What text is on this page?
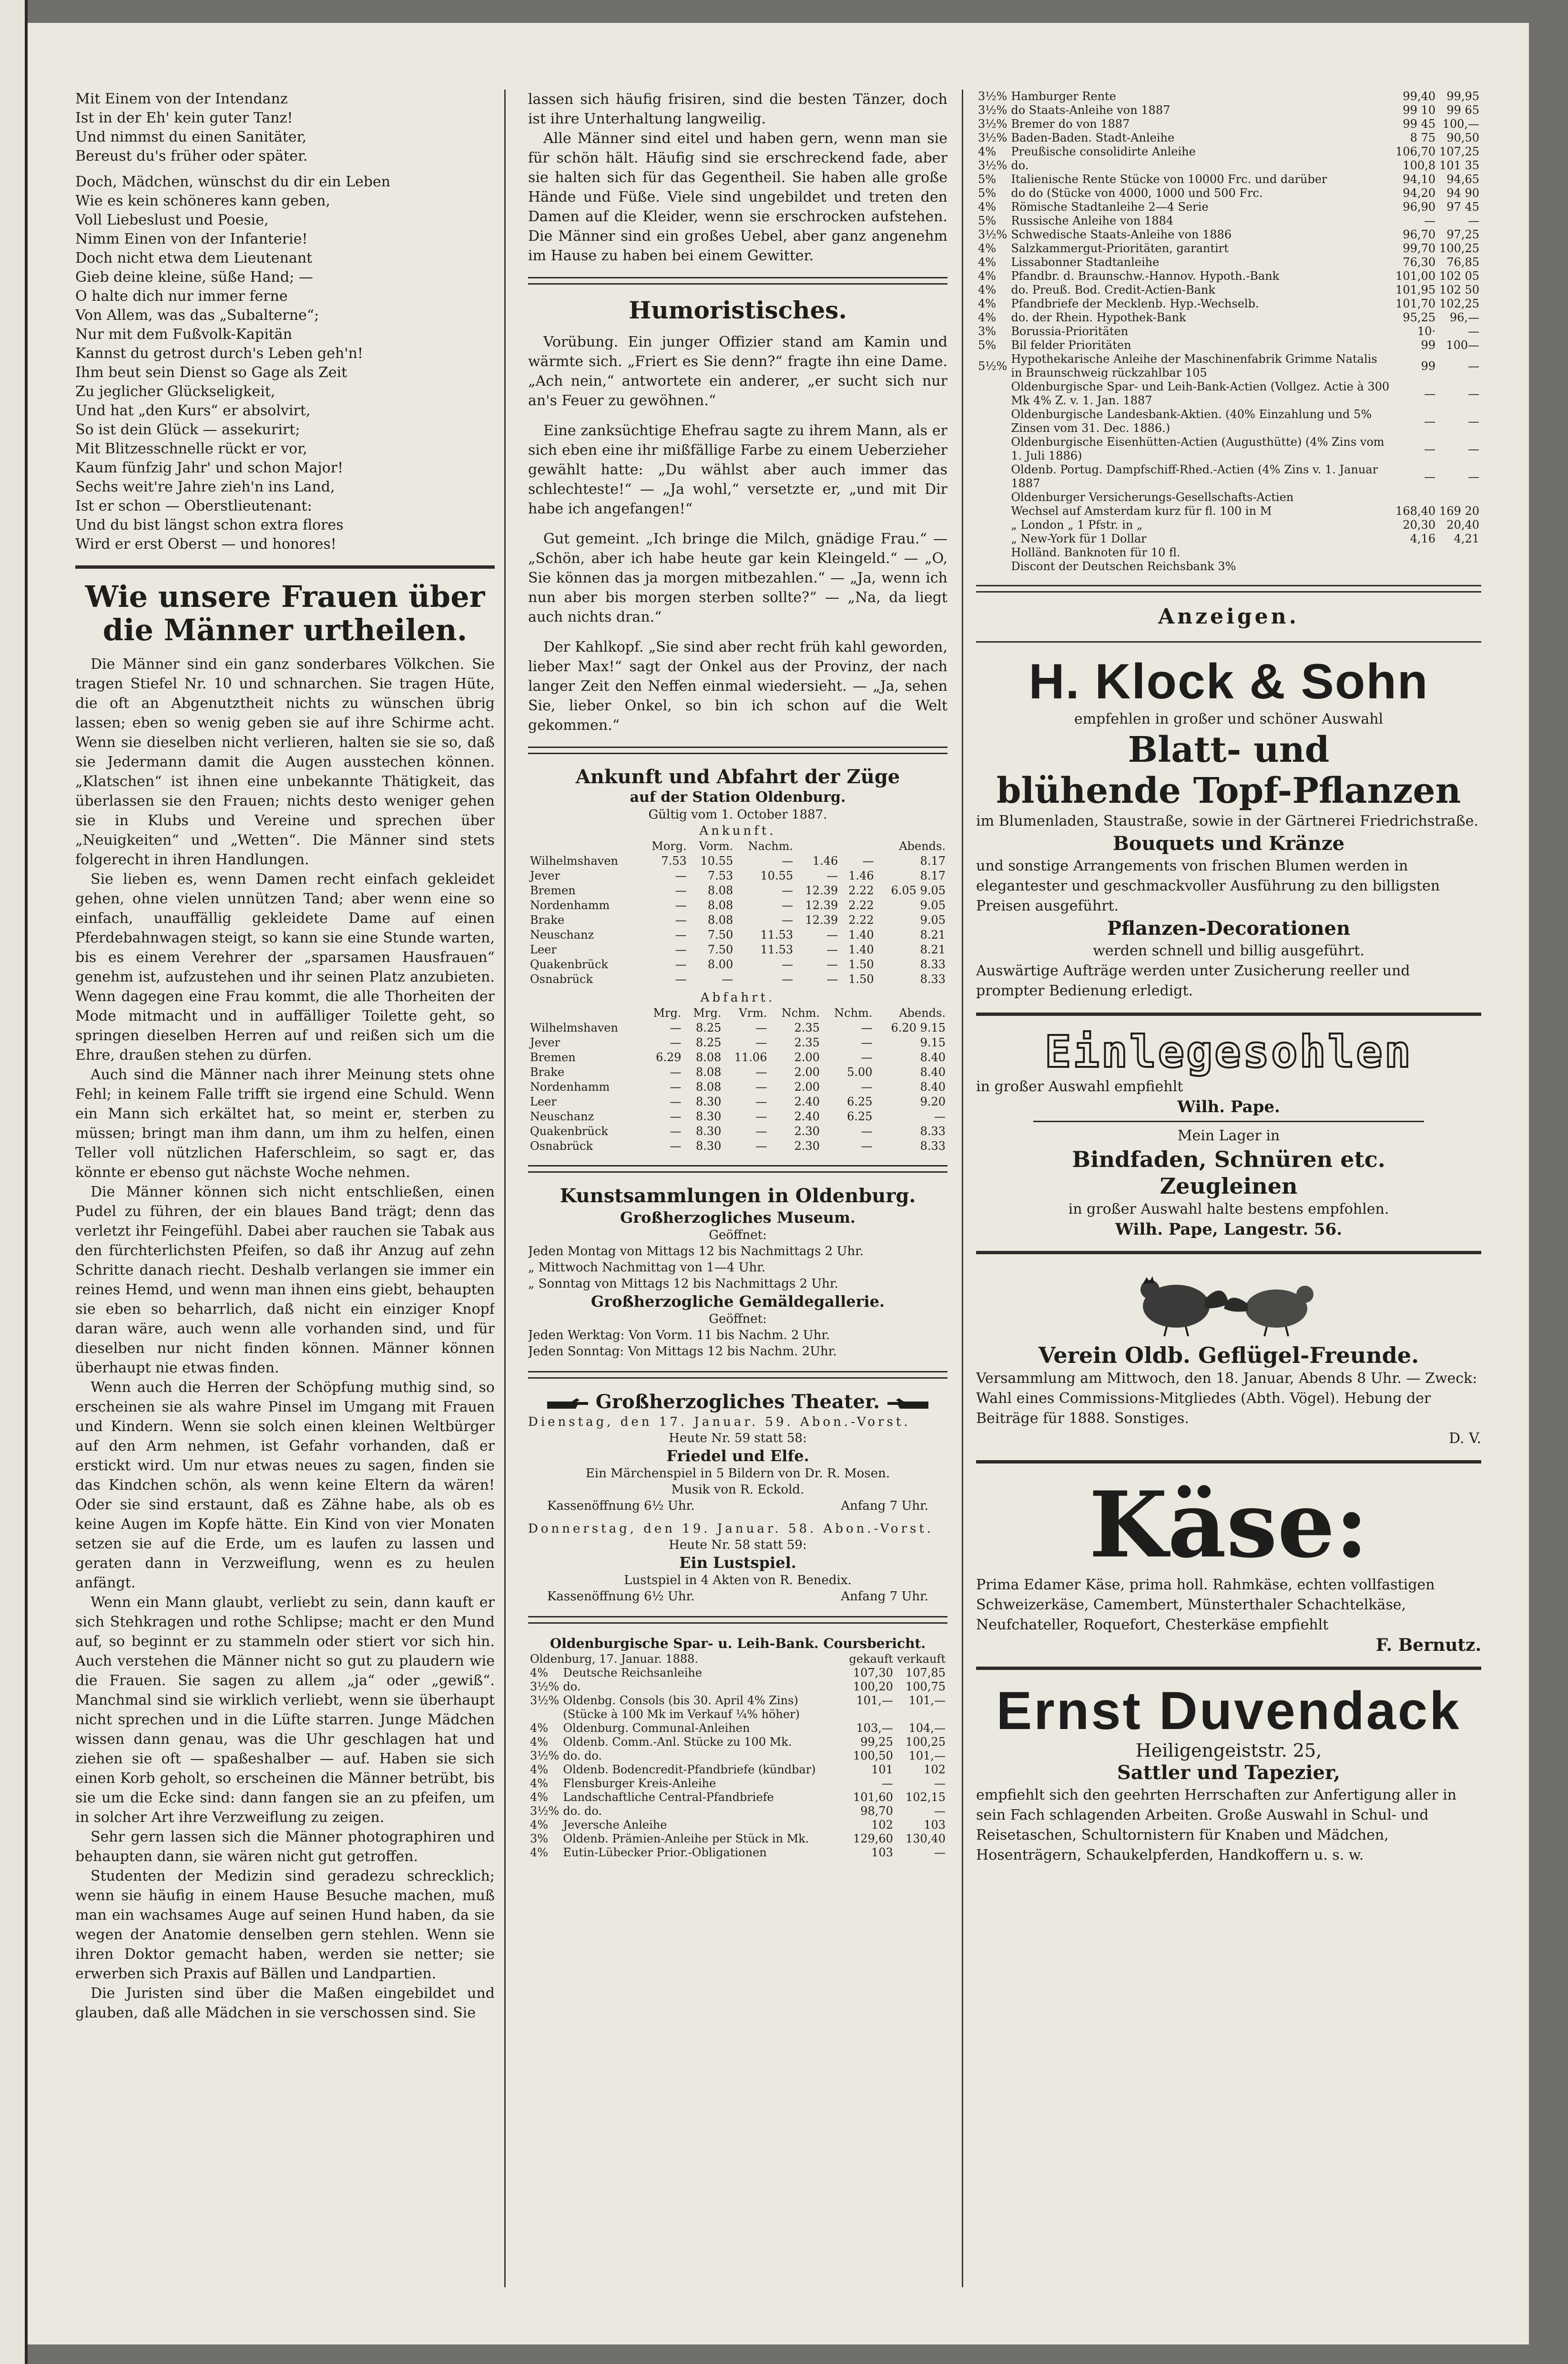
Mit Einem von der Intendanz

Ist in der Eh' kein guter Tanz!

Und nimmst du einen Sanitäter,

Bereust du's früher oder später.

Doch, Mädchen, wünschst du dir ein Leben

Wie es kein schöneres kann geben,

Voll Liebeslust und Poesie,

Nimm Einen von der Infanterie!

Doch nicht etwa dem Lieutenant

Gieb deine kleine, süße Hand; —

O halte dich nur immer ferne

Von Allem, was das „Subalterne“;

Nur mit dem Fußvolk-Kapitän

Kannst du getrost durch's Leben geh'n!

Ihm beut sein Dienst so Gage als Zeit

Zu jeglicher Glückseligkeit,

Und hat „den Kurs“ er absolvirt,

So ist dein Glück — assekurirt;

Mit Blitzesschnelle rückt er vor,

Kaum fünfzig Jahr' und schon Major!

Sechs weit're Jahre zieh'n ins Land,

Ist er schon — Oberstlieutenant:

Und du bist längst schon extra flores

Wird er erst Oberst — und honores!

Wie unsere Frauen über die Männer urtheilen.

Die Männer sind ein ganz sonderbares Völkchen. Sie tragen Stiefel Nr. 10 und schnarchen. Sie tragen Hüte, die oft an Abgenutztheit nichts zu wünschen übrig lassen; eben so wenig geben sie auf ihre Schirme acht. Wenn sie dieselben nicht verlieren, halten sie sie so, daß sie Jedermann damit die Augen ausstechen können. „Klatschen“ ist ihnen eine unbekannte Thätigkeit, das überlassen sie den Frauen; nichts desto weniger gehen sie in Klubs und Vereine und sprechen über „Neuigkeiten“ und „Wetten“. Die Männer sind stets folgerecht in ihren Handlungen.

Sie lieben es, wenn Damen recht einfach gekleidet gehen, ohne vielen unnützen Tand; aber wenn eine so einfach, unauffällig gekleidete Dame auf einen Pferdebahnwagen steigt, so kann sie eine Stunde warten, bis es einem Verehrer der „sparsamen Hausfrauen“ genehm ist, aufzustehen und ihr seinen Platz anzubieten. Wenn dagegen eine Frau kommt, die alle Thorheiten der Mode mitmacht und in auffälliger Toilette geht, so springen dieselben Herren auf und reißen sich um die Ehre, draußen stehen zu dürfen.

Auch sind die Männer nach ihrer Meinung stets ohne Fehl; in keinem Falle trifft sie irgend eine Schuld. Wenn ein Mann sich erkältet hat, so meint er, sterben zu müssen; bringt man ihm dann, um ihm zu helfen, einen Teller voll nützlichen Haferschleim, so sagt er, das könnte er ebenso gut nächste Woche nehmen.

Die Männer können sich nicht entschließen, einen Pudel zu führen, der ein blaues Band trägt; denn das verletzt ihr Feingefühl. Dabei aber rauchen sie Tabak aus den fürchterlichsten Pfeifen, so daß ihr Anzug auf zehn Schritte danach riecht. Deshalb verlangen sie immer ein reines Hemd, und wenn man ihnen eins giebt, behaupten sie eben so beharrlich, daß nicht ein einziger Knopf daran wäre, auch wenn alle vorhanden sind, und für dieselben nur nicht finden können. Männer können überhaupt nie etwas finden.

Wenn auch die Herren der Schöpfung muthig sind, so erscheinen sie als wahre Pinsel im Umgang mit Frauen und Kindern. Wenn sie solch einen kleinen Weltbürger auf den Arm nehmen, ist Gefahr vorhanden, daß er erstickt wird. Um nur etwas neues zu sagen, finden sie das Kindchen schön, als wenn keine Eltern da wären! Oder sie sind erstaunt, daß es Zähne habe, als ob es keine Augen im Kopfe hätte. Ein Kind von vier Monaten setzen sie auf die Erde, um es laufen zu lassen und geraten dann in Verzweiflung, wenn es zu heulen anfängt.

Wenn ein Mann glaubt, verliebt zu sein, dann kauft er sich Stehkragen und rothe Schlipse; macht er den Mund auf, so beginnt er zu stammeln oder stiert vor sich hin. Auch verstehen die Männer nicht so gut zu plaudern wie die Frauen. Sie sagen zu allem „ja“ oder „gewiß“. Manchmal sind sie wirklich verliebt, wenn sie überhaupt nicht sprechen und in die Lüfte starren. Junge Mädchen wissen dann genau, was die Uhr geschlagen hat und ziehen sie oft — spaßeshalber — auf. Haben sie sich einen Korb geholt, so erscheinen die Männer betrübt, bis sie um die Ecke sind: dann fangen sie an zu pfeifen, um in solcher Art ihre Verzweiflung zu zeigen.

Sehr gern lassen sich die Männer photographiren und behaupten dann, sie wären nicht gut getroffen.

Studenten der Medizin sind geradezu schrecklich; wenn sie häufig in einem Hause Besuche machen, muß man ein wachsames Auge auf seinen Hund haben, da sie wegen der Anatomie denselben gern stehlen. Wenn sie ihren Doktor gemacht haben, werden sie netter; sie erwerben sich Praxis auf Bällen und Landpartien.

Die Juristen sind über die Maßen eingebildet und glauben, daß alle Mädchen in sie verschossen sind. Sie

lassen sich häufig frisiren, sind die besten Tänzer, doch ist ihre Unterhaltung langweilig.

Alle Männer sind eitel und haben gern, wenn man sie für schön hält. Häufig sind sie erschreckend fade, aber sie halten sich für das Gegentheil. Sie haben alle große Hände und Füße. Viele sind ungebildet und treten den Damen auf die Kleider, wenn sie erschrocken aufstehen. Die Männer sind ein großes Uebel, aber ganz angenehm im Hause zu haben bei einem Gewitter.

Humoristisches.

Vorübung. Ein junger Offizier stand am Kamin und wärmte sich. „Friert es Sie denn?“ fragte ihn eine Dame. „Ach nein,“ antwortete ein anderer, „er sucht sich nur an's Feuer zu gewöhnen.“

Eine zanksüchtige Ehefrau sagte zu ihrem Mann, als er sich eben eine ihr mißfällige Farbe zu einem Ueberzieher gewählt hatte: „Du wählst aber auch immer das schlechteste!“ — „Ja wohl,“ versetzte er, „und mit Dir habe ich angefangen!“

Gut gemeint. „Ich bringe die Milch, gnädige Frau.“ — „Schön, aber ich habe heute gar kein Kleingeld.“ — „O, Sie können das ja morgen mitbezahlen.“ — „Ja, wenn ich nun aber bis morgen sterben sollte?“ — „Na, da liegt auch nichts dran.“

Der Kahlkopf. „Sie sind aber recht früh kahl geworden, lieber Max!“ sagt der Onkel aus der Provinz, der nach langer Zeit den Neffen einmal wiedersieht. — „Ja, sehen Sie, lieber Onkel, so bin ich schon auf die Welt gekommen.“

Ankunft und Abfahrt der Züge
auf der Station Oldenburg.
Gültig vom 1. October 1887.
Ankunft.
	Morg.	Vorm.	Nachm.	Abends.		
Wilhelmshaven	7.53	10.55	—	1.46	—	8.17
Jever	—	7.53	10.55	—	1.46	8.17
Bremen	—	8.08	—	12.39	2.22	6.05 9.05
Nordenhamm	—	8.08	—	12.39	2.22	9.05
Brake	—	8.08	—	12.39	2.22	9.05
Neuschanz	—	7.50	11.53	—	1.40	8.21
Leer	—	7.50	11.53	—	1.40	8.21
Quakenbrück	—	8.00	—	—	1.50	8.33
Osnabrück	—	—	—	—	1.50	8.33
Abfahrt.
	Mrg.	Mrg.	Vrm.	Nchm.	Nchm.	Abends.
Wilhelmshaven	—	8.25	—	2.35	—	6.20 9.15
Jever	—	8.25	—	2.35	—	9.15
Bremen	6.29	8.08	11.06	2.00	—	8.40
Brake	—	8.08	—	2.00	5.00	8.40
Nordenhamm	—	8.08	—	2.00	—	8.40
Leer	—	8.30	—	2.40	6.25	9.20
Neuschanz	—	8.30	—	2.40	6.25	—
Quakenbrück	—	8.30	—	2.30	—	8.33
Osnabrück	—	8.30	—	2.30	—	8.33
Kunstsammlungen in Oldenburg.
Großherzogliches Museum.
Geöffnet:
Jeden Montag von Mittags 12 bis Nachmittags 2 Uhr.
„ Mittwoch Nachmittag von 1—4 Uhr.
„ Sonntag von Mittags 12 bis Nachmittags 2 Uhr.
Großherzogliche Gemäldegallerie.
Geöffnet:
Jeden Werktag: Von Vorm. 11 bis Nachm. 2 Uhr.
Jeden Sonntag: Von Mittags 12 bis Nachm. 2Uhr.
Großherzogliches Theater.
Dienstag, den 17. Januar. 59. Abon.-Vorst.
Heute Nr. 59 statt 58:
Friedel und Elfe.
Ein Märchenspiel in 5 Bildern von Dr. R. Mosen.
Musik von R. Eckold.
Kassenöffnung 6½ Uhr.	Anfang 7 Uhr.
Donnerstag, den 19. Januar. 58. Abon.-Vorst.
Heute Nr. 58 statt 59:
Ein Lustspiel.
Lustspiel in 4 Akten von R. Benedix.
Kassenöffnung 6½ Uhr.	Anfang 7 Uhr.
Oldenburgische Spar- u. Leih-Bank. Coursbericht.
Oldenburg, 17. Januar. 1888.		gekauft	verkauft
4%	Deutsche Reichsanleihe	107,30	107,85
3½%	do.	100,20	100,75
3½%	Oldenbg. Consols (bis 30. April 4% Zins)	101,—	101,—
	(Stücke à 100 Mk im Verkauf ¼% höher)		
4%	Oldenburg. Communal-Anleihen	103,—	104,—
4%	Oldenb. Comm.-Anl. Stücke zu 100 Mk.	99,25	100,25
3½%	do. do.	100,50	101,—
4%	Oldenb. Bodencredit-Pfandbriefe (kündbar)	101	102
4%	Flensburger Kreis-Anleihe	—	—
4%	Landschaftliche Central-Pfandbriefe	101,60	102,15
3½%	do. do.	98,70	—
4%	Jeversche Anleihe	102	103
3%	Oldenb. Prämien-Anleihe per Stück in Mk.	129,60	130,40
4%	Eutin-Lübecker Prior.-Obligationen	103	—
3½%	Hamburger Rente	99,40	99,95
3½%	do Staats-Anleihe von 1887	99 10	99 65
3½%	Bremer do von 1887	99 45	100,—
3½%	Baden-Baden. Stadt-Anleihe	8 75	90,50
4%	Preußische consolidirte Anleihe	106,70	107,25
3½%	do.	100,8	101 35
5%	Italienische Rente Stücke von 10000 Frc. und darüber	94,10	94,65
5%	do do (Stücke von 4000, 1000 und 500 Frc.	94,20	94 90
4%	Römische Stadtanleihe 2—4 Serie	96,90	97 45
5%	Russische Anleihe von 1884	—	—
3½%	Schwedische Staats-Anleihe von 1886	96,70	97,25
4%	Salzkammergut-Prioritäten, garantirt	99,70	100,25
4%	Lissabonner Stadtanleihe	76,30	76,85
4%	Pfandbr. d. Braunschw.-Hannov. Hypoth.-Bank	101,00	102 05
4%	do. Preuß. Bod. Credit-Actien-Bank	101,95	102 50
4%	Pfandbriefe der Mecklenb. Hyp.-Wechselb.	101,70	102,25
4%	do. der Rhein. Hypothek-Bank	95,25	96,—
3%	Borussia-Prioritäten	10·	—
5%	Bil felder Prioritäten	99	100—
5½%	Hypothekarische Anleihe der Maschinenfabrik Grimme Natalis in Braunschweig rückzahlbar 105	99	—
	Oldenburgische Spar- und Leih-Bank-Actien (Vollgez. Actie à 300 Mk 4% Z. v. 1. Jan. 1887	—	—
	Oldenburgische Landesbank-Aktien. (40% Einzahlung und 5% Zinsen vom 31. Dec. 1886.)	—	—
	Oldenburgische Eisenhütten-Actien (Augusthütte) (4% Zins vom 1. Juli 1886)	—	—
	Oldenb. Portug. Dampfschiff-Rhed.-Actien (4% Zins v. 1. Januar 1887	—	—
	Oldenburger Versicherungs-Gesellschafts-Actien		
	Wechsel auf Amsterdam kurz für fl. 100 in M	168,40	169 20
	„ London „ 1 Pfstr. in „	20,30	20,40
	„ New-York für 1 Dollar	4,16	4,21
	Holländ. Banknoten für 10 fl.		
	Discont der Deutschen Reichsbank 3%		
Anzeigen.
H. Klock & Sohn

empfehlen in großer und schöner Auswahl

Blatt- und
blühende Topf-Pflanzen

im Blumenladen, Staustraße, sowie in der Gärtnerei Friedrichstraße.

Bouquets und Kränze

und sonstige Arrangements von frischen Blumen werden in elegantester und geschmackvoller Ausführung zu den billigsten Preisen ausgeführt.

Pflanzen-Decorationen

werden schnell und billig ausgeführt.

Auswärtige Aufträge werden unter Zusicherung reeller und prompter Bedienung erledigt.

Einlegesohlen

in großer Auswahl empfiehlt

Wilh. Pape.

Mein Lager in

Bindfaden, Schnüren etc.
Zeugleinen

in großer Auswahl halte bestens empfohlen.

Wilh. Pape, Langestr. 56.

Verein Oldb. Geflügel-Freunde.

Versammlung am Mittwoch, den 18. Januar, Abends 8 Uhr. — Zweck: Wahl eines Commissions-Mitgliedes (Abth. Vögel). Hebung der Beiträge für 1888. Sonstiges.

D. V.

Käse:

Prima Edamer Käse, prima holl. Rahmkäse, echten vollfastigen Schweizerkäse, Camembert, Münsterthaler Schachtelkäse, Neufchateller, Roquefort, Chesterkäse empfiehlt

F. Bernutz.

Ernst Duvendack

Heiligengeiststr. 25,

Sattler und Tapezier,

empfiehlt sich den geehrten Herrschaften zur Anfertigung aller in sein Fach schlagenden Arbeiten. Große Auswahl in Schul- und Reisetaschen, Schultornistern für Knaben und Mädchen, Hosenträgern, Schaukelpferden, Handkoffern u. s. w.
